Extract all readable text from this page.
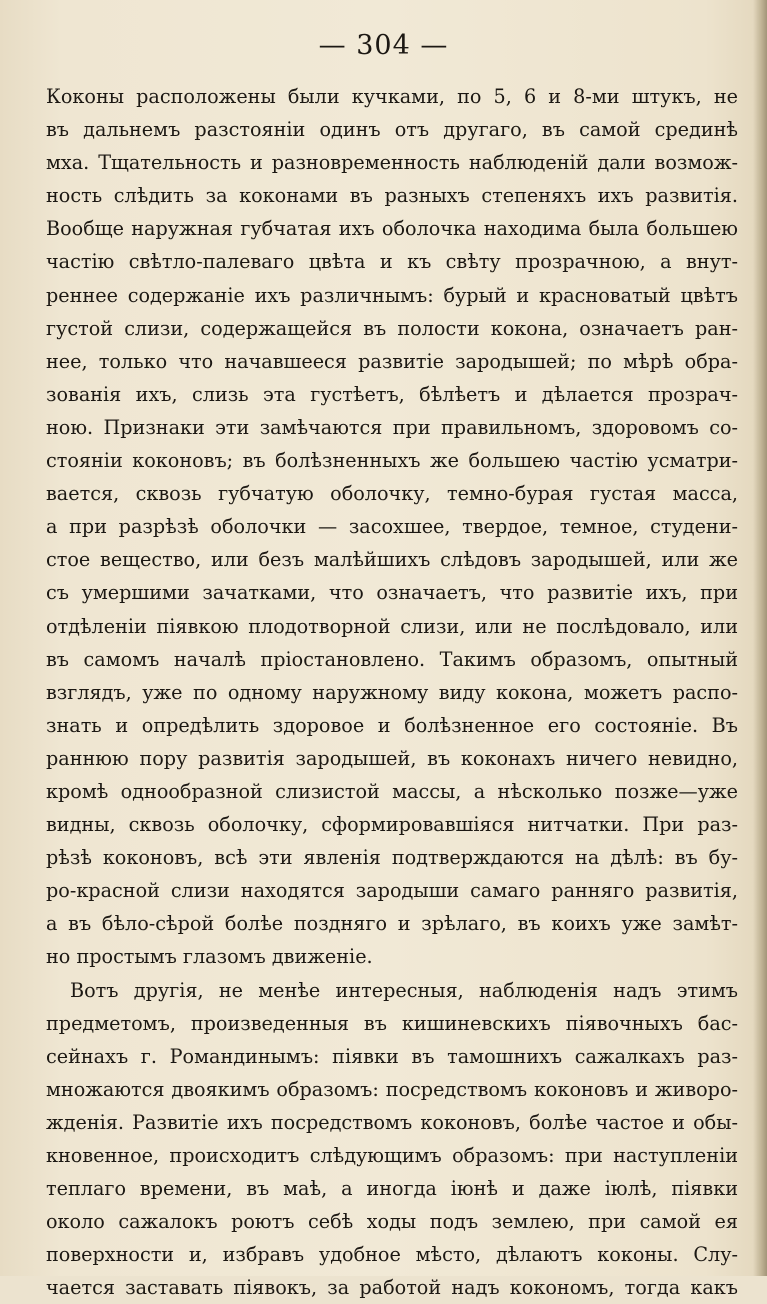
— 304 —
Коконы расположены были кучками, по 5, 6 и 8-ми штукъ, не
въ дальнемъ разстоянiи одинъ отъ другаго, въ самой срединѣ
мха. Тщательность и разновременность наблюденiй дали возмож-
ность слѣдить за коконами въ разныхъ степеняхъ ихъ развитiя.
Вообще наружная губчатая ихъ оболочка находима была большею
частiю свѣтло-палеваго цвѣта и къ свѣту прозрачною, а внут-
реннее содержанiе ихъ различнымъ: бурый и красноватый цвѣтъ
густой слизи, содержащейся въ полости кокона, означаетъ ран-
нее, только что начавшееся развитiе зародышей; по мѣрѣ обра-
зованiя ихъ, слизь эта густѣетъ, бѣлѣетъ и дѣлается прозрач-
ною. Признаки эти замѣчаются при правильномъ, здоровомъ со-
стоянiи коконовъ; въ болѣзненныхъ же большею частiю усматри-
вается, сквозь губчатую оболочку, темно-бурая густая масса,
а при разрѣзѣ оболочки — засохшее, твердое, темное, студени-
стое вещество, или безъ малѣйшихъ слѣдовъ зародышей, или же
съ умершими зачатками, что означаетъ, что развитiе ихъ, при
отдѣленiи пiявкою плодотворной слизи, или не послѣдовало, или
въ самомъ началѣ прiостановлено. Такимъ образомъ, опытный
взглядъ, уже по одному наружному виду кокона, можетъ распо-
знать и опредѣлить здоровое и болѣзненное его состоянiе. Въ
раннюю пору развитiя зародышей, въ коконахъ ничего невидно,
кромѣ однообразной слизистой массы, а нѣсколько позже—уже
видны, сквозь оболочку, сформировавшiяся нитчатки. При раз-
рѣзѣ коконовъ, всѣ эти явленiя подтверждаются на дѣлѣ: въ бу-
ро-красной слизи находятся зародыши самаго ранняго развитiя,
а въ бѣло-сѣрой болѣе поздняго и зрѣлаго, въ коихъ уже замѣт-
но простымъ глазомъ движенiе.
Вотъ другiя, не менѣе интересныя, наблюденiя надъ этимъ
предметомъ, произведенныя въ кишиневскихъ пiявочныхъ бас-
сейнахъ г. Романдинымъ: пiявки въ тамошнихъ сажалкахъ раз-
множаются двоякимъ образомъ: посредствомъ коконовъ и живоро-
жденiя. Развитiе ихъ посредствомъ коконовъ, болѣе частое и обы-
кновенное, происходитъ слѣдующимъ образомъ: при наступленiи
теплаго времени, въ маѣ, а иногда iюнѣ и даже iюлѣ, пiявки
около сажалокъ роютъ себѣ ходы подъ землею, при самой ея
поверхности и, избравъ удобное мѣсто, дѣлаютъ коконы. Слу-
чается заставать пiявокъ, за работой надъ кокономъ, тогда какъ
